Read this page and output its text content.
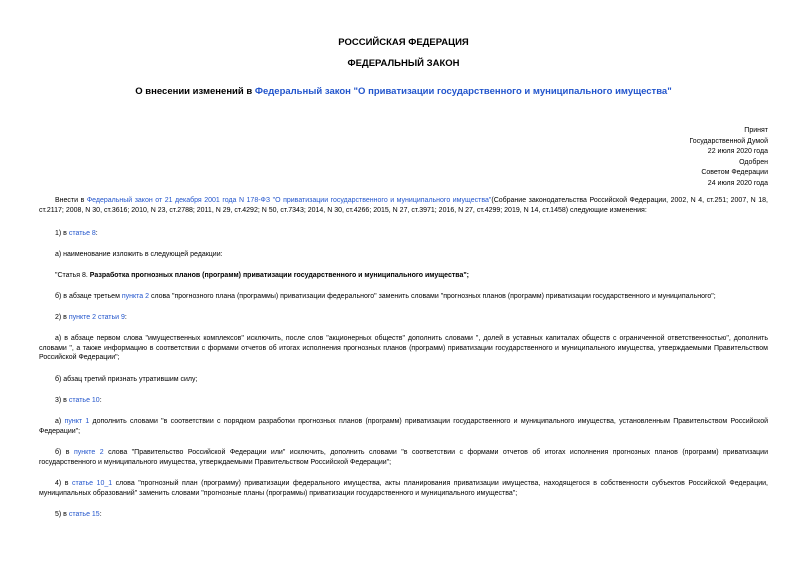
РОССИЙСКАЯ ФЕДЕРАЦИЯ
ФЕДЕРАЛЬНЫЙ ЗАКОН
О внесении изменений в Федеральный закон "О приватизации государственного и муниципального имущества"
Принят
Государственной Думой
22 июля 2020 года
Одобрен
Советом Федерации
24 июля 2020 года
Внести в Федеральный закон от 21 декабря 2001 года N 178-ФЗ "О приватизации государственного и муниципального имущества"(Собрание законодательства Российской Федерации, 2002, N 4, ст.251; 2007, N 18, ст.2117; 2008, N 30, ст.3616; 2010, N 23, ст.2788; 2011, N 29, ст.4292; N 50, ст.7343; 2014, N 30, ст.4266; 2015, N 27, ст.3971; 2016, N 27, ст.4299; 2019, N 14, ст.1458) следующие изменения:
1) в статье 8:
а) наименование изложить в следующей редакции:
"Статья 8. Разработка прогнозных планов (программ) приватизации государственного и муниципального имущества";
б) в абзаце третьем пункта 2 слова "прогнозного плана (программы) приватизации федерального" заменить словами "прогнозных планов (программ) приватизации государственного и муниципального";
2) в пункте 2 статьи 9:
а) в абзаце первом слова "имущественных комплексов" исключить, после слов "акционерных обществ" дополнить словами ", долей в уставных капиталах обществ с ограниченной ответственностью", дополнить словами ", а также информацию в соответствии с формами отчетов об итогах исполнения прогнозных планов (программ) приватизации государственного и муниципального имущества, утверждаемыми Правительством Российской Федерации";
б) абзац третий признать утратившим силу;
3) в статье 10:
а) пункт 1 дополнить словами "в соответствии с порядком разработки прогнозных планов (программ) приватизации государственного и муниципального имущества, установленным Правительством Российской Федерации";
б) в пункте 2 слова "Правительство Российской Федерации или" исключить, дополнить словами "в соответствии с формами отчетов об итогах исполнения прогнозных планов (программ) приватизации государственного и муниципального имущества, утверждаемыми Правительством Российской Федерации";
4) в статье 10_1 слова "прогнозный план (программу) приватизации федерального имущества, акты планирования приватизации имущества, находящегося в собственности субъектов Российской Федерации, муниципальных образований" заменить словами "прогнозные планы (программы) приватизации государственного и муниципального имущества";
5) в статье 15:
